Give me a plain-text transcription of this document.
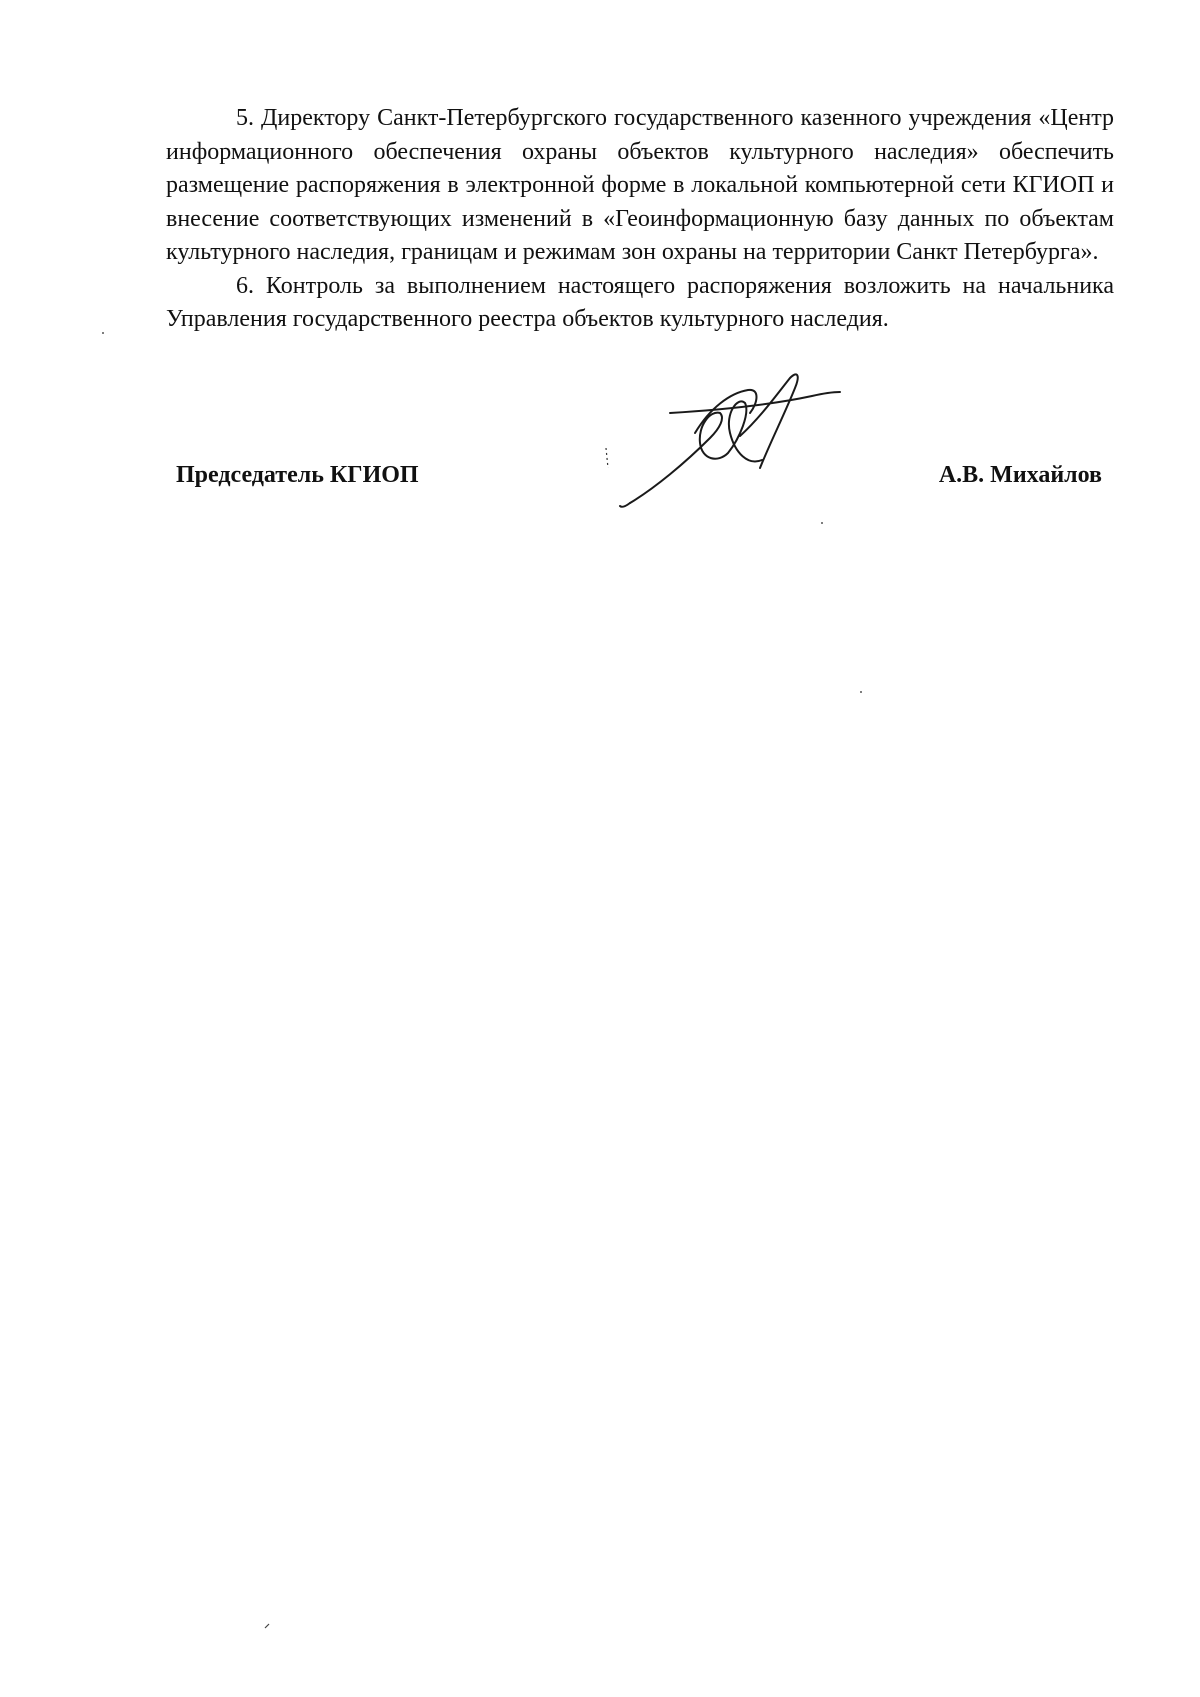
5. Директору Санкт-Петербургского государственного казенного учреждения «Центр информационного обеспечения охраны объектов культурного наследия» обеспечить размещение распоряжения в электронной форме в локальной компьютерной сети КГИОП и внесение соответствующих изменений в «Геоинформационную базу данных по объектам культурного наследия, границам и режимам зон охраны на территории Санкт Петербурга».

6. Контроль за выполнением настоящего распоряжения возложить на начальника Управления государственного реестра объектов культурного наследия.

Председатель КГИОП	А.В. Михайлов
